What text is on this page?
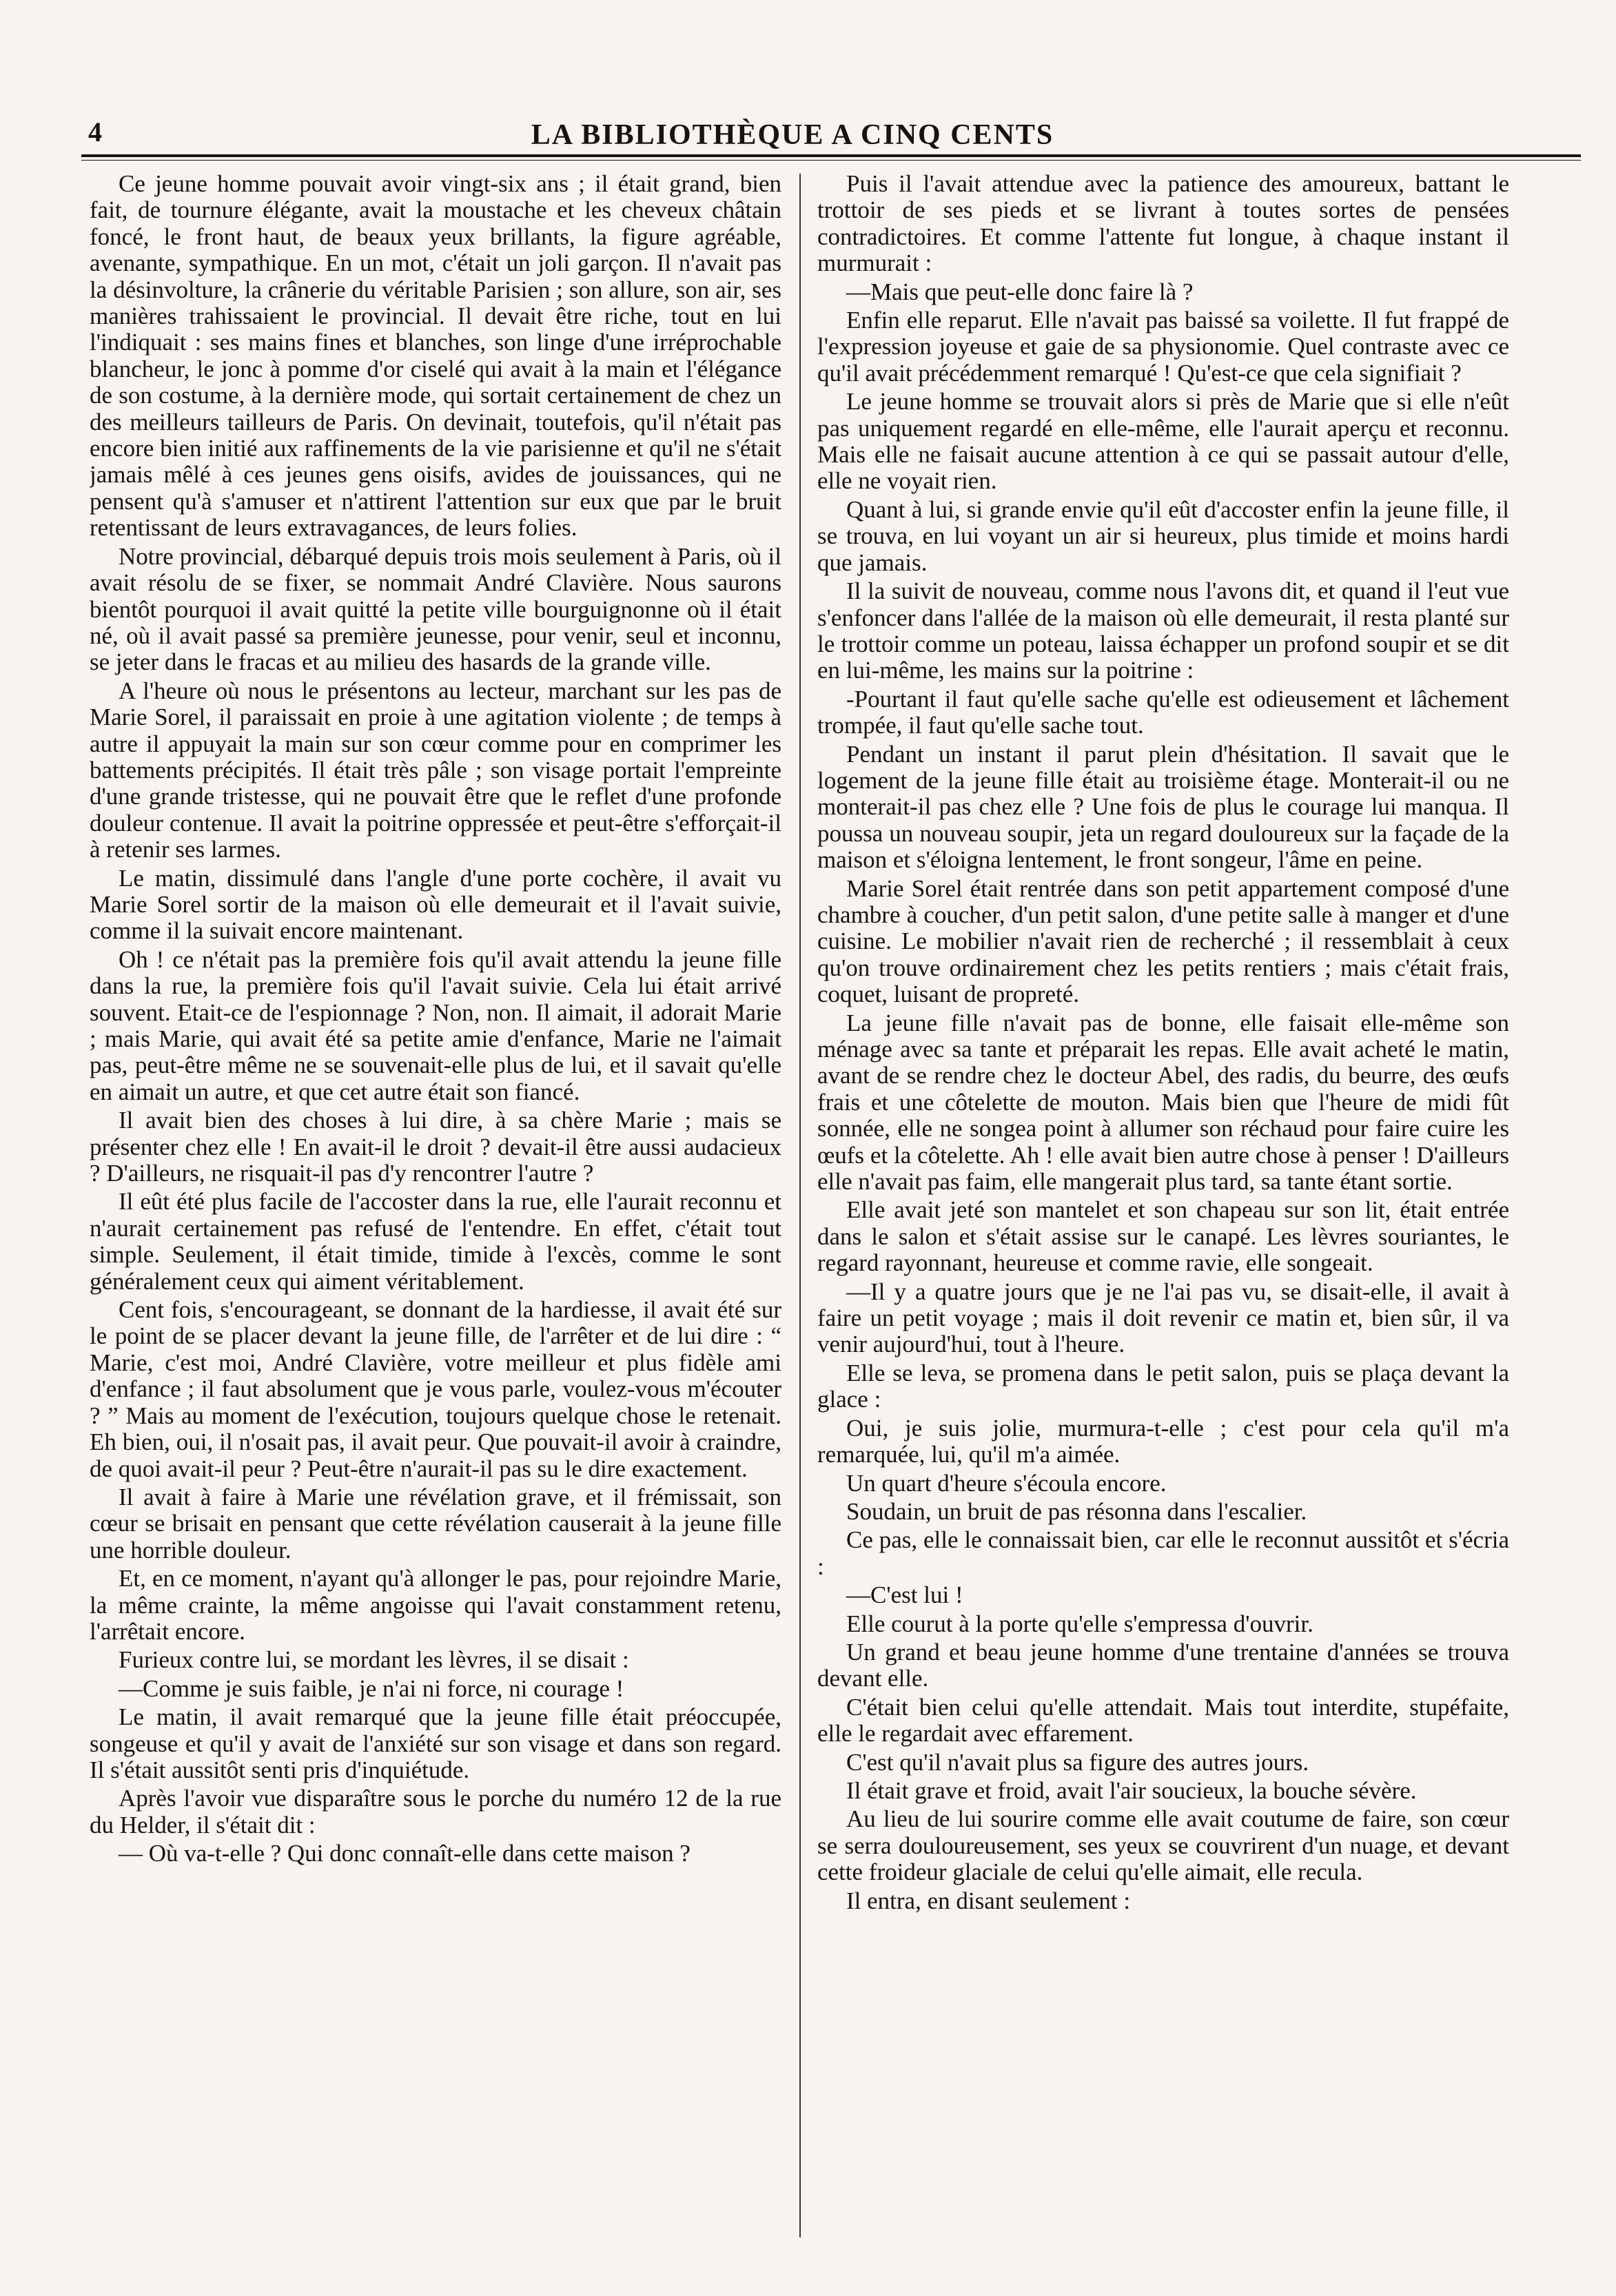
4	LA BIBLIOTHÈQUE A CINQ CENTS

Ce jeune homme pouvait avoir vingt-six ans ; il était grand, bien fait, de tournure élégante, avait la moustache et les cheveux châtain foncé, le front haut, de beaux yeux brillants, la figure agréable, avenante, sympathique. En un mot, c'était un joli garçon. Il n'avait pas la désinvolture, la crânerie du véritable Parisien ; son allure, son air, ses manières trahissaient le provincial. Il devait être riche, tout en lui l'indiquait : ses mains fines et blanches, son linge d'une irréprochable blancheur, le jonc à pomme d'or ciselé qui avait à la main et l'élégance de son costume, à la dernière mode, qui sortait certainement de chez un des meilleurs tailleurs de Paris. On devinait, toutefois, qu'il n'était pas encore bien initié aux raffinements de la vie parisienne et qu'il ne s'était jamais mêlé à ces jeunes gens oisifs, avides de jouissances, qui ne pensent qu'à s'amuser et n'attirent l'attention sur eux que par le bruit retentissant de leurs extravagances, de leurs folies.

Notre provincial, débarqué depuis trois mois seulement à Paris, où il avait résolu de se fixer, se nommait André Clavière. Nous saurons bientôt pourquoi il avait quitté la petite ville bourguignonne où il était né, où il avait passé sa première jeunesse, pour venir, seul et inconnu, se jeter dans le fracas et au milieu des hasards de la grande ville.

A l'heure où nous le présentons au lecteur, marchant sur les pas de Marie Sorel, il paraissait en proie à une agitation violente ; de temps à autre il appuyait la main sur son cœur comme pour en comprimer les battements précipités. Il était très pâle ; son visage portait l'empreinte d'une grande tristesse, qui ne pouvait être que le reflet d'une profonde douleur contenue. Il avait la poitrine oppressée et peut-être s'efforçait-il à retenir ses larmes.

Le matin, dissimulé dans l'angle d'une porte cochère, il avait vu Marie Sorel sortir de la maison où elle demeurait et il l'avait suivie, comme il la suivait encore maintenant.

Oh ! ce n'était pas la première fois qu'il avait attendu la jeune fille dans la rue, la première fois qu'il l'avait suivie. Cela lui était arrivé souvent. Etait-ce de l'espionnage ? Non, non. Il aimait, il adorait Marie ; mais Marie, qui avait été sa petite amie d'enfance, Marie ne l'aimait pas, peut-être même ne se souvenait-elle plus de lui, et il savait qu'elle en aimait un autre, et que cet autre était son fiancé.

Il avait bien des choses à lui dire, à sa chère Marie ; mais se présenter chez elle ! En avait-il le droit ? devait-il être aussi audacieux ? D'ailleurs, ne risquait-il pas d'y rencontrer l'autre ?

Il eût été plus facile de l'accoster dans la rue, elle l'aurait reconnu et n'aurait certainement pas refusé de l'entendre. En effet, c'était tout simple. Seulement, il était timide, timide à l'excès, comme le sont généralement ceux qui aiment véritablement.

Cent fois, s'encourageant, se donnant de la hardiesse, il avait été sur le point de se placer devant la jeune fille, de l'arrêter et de lui dire : “ Marie, c'est moi, André Clavière, votre meilleur et plus fidèle ami d'enfance ; il faut absolument que je vous parle, voulez-vous m'écouter ? ” Mais au moment de l'exécution, toujours quelque chose le retenait. Eh bien, oui, il n'osait pas, il avait peur. Que pouvait-il avoir à craindre, de quoi avait-il peur ? Peut-être n'aurait-il pas su le dire exactement.

Il avait à faire à Marie une révélation grave, et il frémissait, son cœur se brisait en pensant que cette révélation causerait à la jeune fille une horrible douleur.

Et, en ce moment, n'ayant qu'à allonger le pas, pour rejoindre Marie, la même crainte, la même angoisse qui l'avait constamment retenu, l'arrêtait encore.

Furieux contre lui, se mordant les lèvres, il se disait :

—Comme je suis faible, je n'ai ni force, ni courage !

Le matin, il avait remarqué que la jeune fille était préoccupée, songeuse et qu'il y avait de l'anxiété sur son visage et dans son regard. Il s'était aussitôt senti pris d'inquiétude.

Après l'avoir vue disparaître sous le porche du numéro 12 de la rue du Helder, il s'était dit :

— Où va-t-elle ? Qui donc connaît-elle dans cette maison ?

Puis il l'avait attendue avec la patience des amoureux, battant le trottoir de ses pieds et se livrant à toutes sortes de pensées contradictoires. Et comme l'attente fut longue, à chaque instant il murmurait :

—Mais que peut-elle donc faire là ?

Enfin elle reparut. Elle n'avait pas baissé sa voilette. Il fut frappé de l'expression joyeuse et gaie de sa physionomie. Quel contraste avec ce qu'il avait précédemment remarqué ! Qu'est-ce que cela signifiait ?

Le jeune homme se trouvait alors si près de Marie que si elle n'eût pas uniquement regardé en elle-même, elle l'aurait aperçu et reconnu. Mais elle ne faisait aucune attention à ce qui se passait autour d'elle, elle ne voyait rien.

Quant à lui, si grande envie qu'il eût d'accoster enfin la jeune fille, il se trouva, en lui voyant un air si heureux, plus timide et moins hardi que jamais.

Il la suivit de nouveau, comme nous l'avons dit, et quand il l'eut vue s'enfoncer dans l'allée de la maison où elle demeurait, il resta planté sur le trottoir comme un poteau, laissa échapper un profond soupir et se dit en lui-même, les mains sur la poitrine :

-Pourtant il faut qu'elle sache qu'elle est odieusement et lâchement trompée, il faut qu'elle sache tout.

Pendant un instant il parut plein d'hésitation. Il savait que le logement de la jeune fille était au troisième étage. Monterait-il ou ne monterait-il pas chez elle ? Une fois de plus le courage lui manqua. Il poussa un nouveau soupir, jeta un regard douloureux sur la façade de la maison et s'éloigna lentement, le front songeur, l'âme en peine.

Marie Sorel était rentrée dans son petit appartement composé d'une chambre à coucher, d'un petit salon, d'une petite salle à manger et d'une cuisine. Le mobilier n'avait rien de recherché ; il ressemblait à ceux qu'on trouve ordinairement chez les petits rentiers ; mais c'était frais, coquet, luisant de propreté.

La jeune fille n'avait pas de bonne, elle faisait elle-même son ménage avec sa tante et préparait les repas. Elle avait acheté le matin, avant de se rendre chez le docteur Abel, des radis, du beurre, des œufs frais et une côtelette de mouton. Mais bien que l'heure de midi fût sonnée, elle ne songea point à allumer son réchaud pour faire cuire les œufs et la côtelette. Ah ! elle avait bien autre chose à penser ! D'ailleurs elle n'avait pas faim, elle mangerait plus tard, sa tante étant sortie.

Elle avait jeté son mantelet et son chapeau sur son lit, était entrée dans le salon et s'était assise sur le canapé. Les lèvres souriantes, le regard rayonnant, heureuse et comme ravie, elle songeait.

—Il y a quatre jours que je ne l'ai pas vu, se disait-elle, il avait à faire un petit voyage ; mais il doit revenir ce matin et, bien sûr, il va venir aujourd'hui, tout à l'heure.

Elle se leva, se promena dans le petit salon, puis se plaça devant la glace :

Oui, je suis jolie, murmura-t-elle ; c'est pour cela qu'il m'a remarquée, lui, qu'il m'a aimée.

Un quart d'heure s'écoula encore.

Soudain, un bruit de pas résonna dans l'escalier.

Ce pas, elle le connaissait bien, car elle le reconnut aussitôt et s'écria :

—C'est lui !

Elle courut à la porte qu'elle s'empressa d'ouvrir.

Un grand et beau jeune homme d'une trentaine d'années se trouva devant elle.

C'était bien celui qu'elle attendait. Mais tout interdite, stupéfaite, elle le regardait avec effarement.

C'est qu'il n'avait plus sa figure des autres jours.

Il était grave et froid, avait l'air soucieux, la bouche sévère.

Au lieu de lui sourire comme elle avait coutume de faire, son cœur se serra douloureusement, ses yeux se couvrirent d'un nuage, et devant cette froideur glaciale de celui qu'elle aimait, elle recula.

Il entra, en disant seulement :
